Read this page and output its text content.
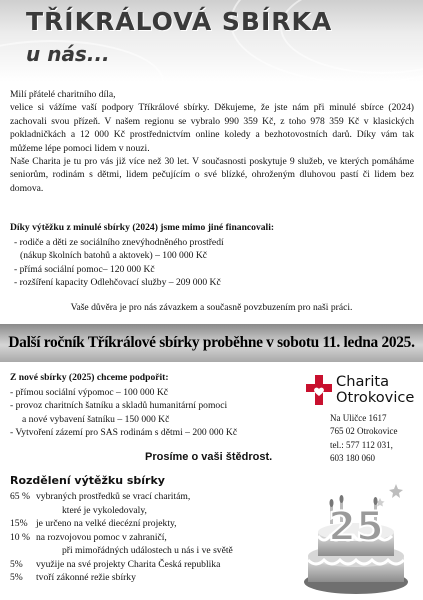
TŘÍKRÁLOVÁ SBÍRKA
u nás...

Milí přátelé charitního díla,

velice si vážíme vaší podpory Tříkrálové sbírky. Děkujeme, že jste nám při minulé sbírce (2024) zachovali svou přízeň. V našem regionu se vybralo 990 359 Kč, z toho 978 359 Kč v klasických pokladničkách a 12 000 Kč prostřednictvím online koledy a bezhotovostních darů. Díky vám tak můžeme lépe pomoci lidem v nouzi.

Naše Charita je tu pro vás již více než 30 let. V současnosti poskytuje 9 služeb, ve kterých pomáháme seniorům, rodinám s dětmi, lidem pečujícím o své blízké, ohroženým dluhovou pastí či lidem bez domova.

Díky výtěžku z minulé sbírky (2024) jsme mimo jiné financovali:
- rodiče a děti ze sociálního znevýhodněného prostředí
(nákup školních batohů a aktovek) – 100 000 Kč
- přímá sociální pomoc– 120 000 Kč
- rozšíření kapacity Odlehčovací služby – 209 000 Kč
Vaše důvěra je pro nás závazkem a současně povzbuzením pro naši práci.
Další ročník Tříkrálové sbírky proběhne v sobotu 11. ledna 2025.
Z nové sbírky (2025) chceme podpořit:
- přímou sociální výpomoc – 100 000 Kč
- provoz charitních šatníku a skladů humanitární pomoci
a nové vybavení šatníku – 150 000 Kč
- Vytvoření zázemí pro SAS rodinám s dětmi – 200 000 Kč
Prosíme o vaši štědrost.
Charita
Otrokovice
Na Uličce 1617
765 02 Otrokovice
tel.: 577 112 031,
603 180 060
Rozdělení výtěžku sbírky
65 % vybraných prostředků se vrací charitám,
které je vykoledovaly,
15% je určeno na velké diecézní projekty,
10 % na rozvojovou pomoc v zahraničí,
při mimořádných událostech u nás i ve světě
5%	využije na své projekty Charita Česká republika
5%	tvoří zákonné režie sbírky
25
